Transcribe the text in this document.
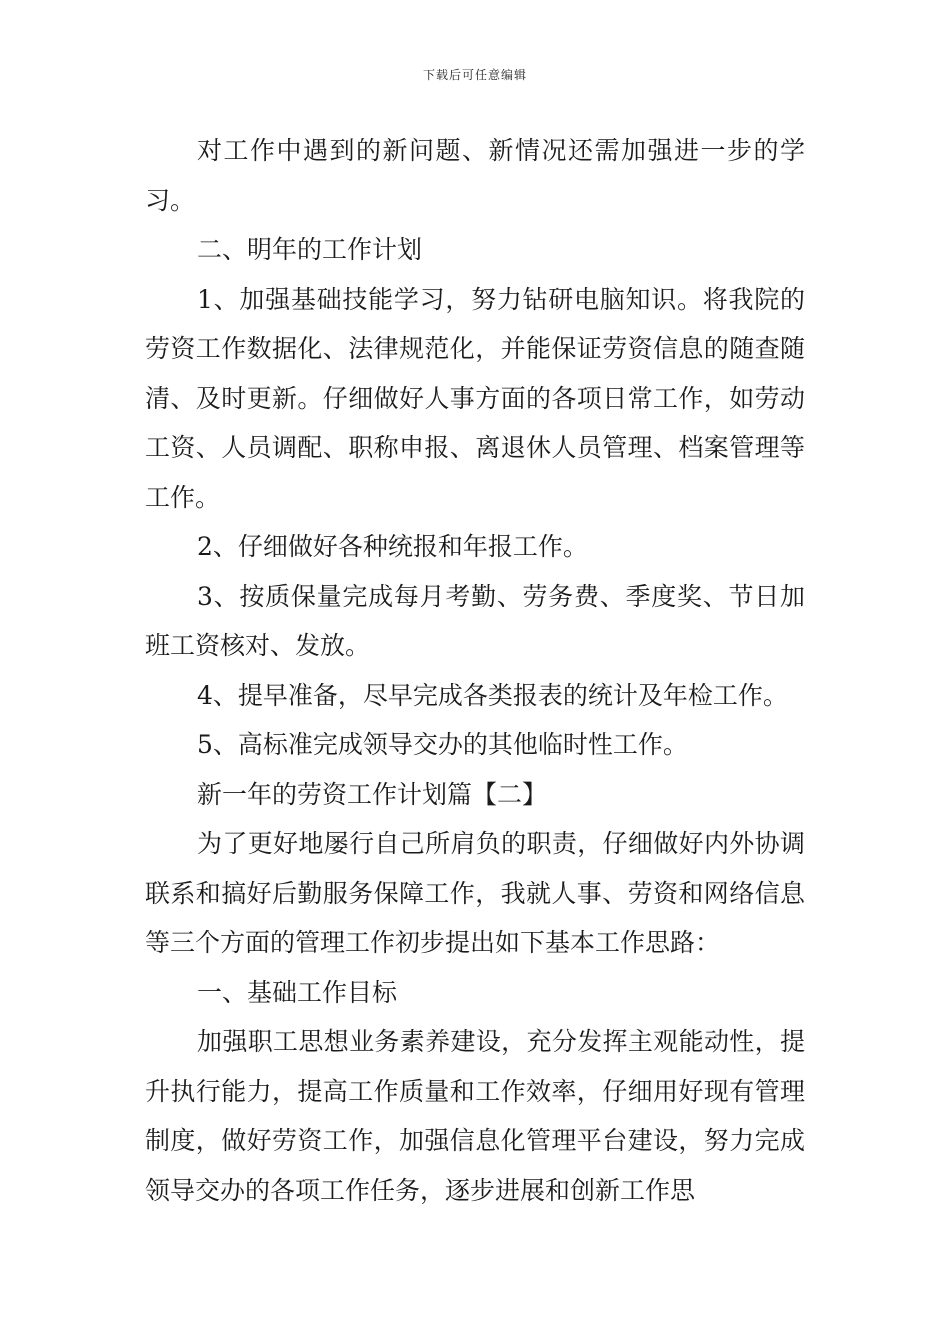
下载后可任意编辑

对工作中遇到的新问题、新情况还需加强进一步的学习。

二、明年的工作计划

1、加强基础技能学习，努力钻研电脑知识。将我院的劳资工作数据化、法律规范化，并能保证劳资信息的随查随清、及时更新。仔细做好人事方面的各项日常工作，如劳动工资、人员调配、职称申报、离退休人员管理、档案管理等工作。

2、仔细做好各种统报和年报工作。

3、按质保量完成每月考勤、劳务费、季度奖、节日加班工资核对、发放。

4、提早准备，尽早完成各类报表的统计及年检工作。

5、高标准完成领导交办的其他临时性工作。

新一年的劳资工作计划篇【二】

为了更好地屡行自己所肩负的职责，仔细做好内外协调联系和搞好后勤服务保障工作，我就人事、劳资和网络信息等三个方面的管理工作初步提出如下基本工作思路：

一、基础工作目标

加强职工思想业务素养建设，充分发挥主观能动性，提升执行能力，提高工作质量和工作效率，仔细用好现有管理制度，做好劳资工作，加强信息化管理平台建设，努力完成领导交办的各项工作任务，逐步进展和创新工作思
